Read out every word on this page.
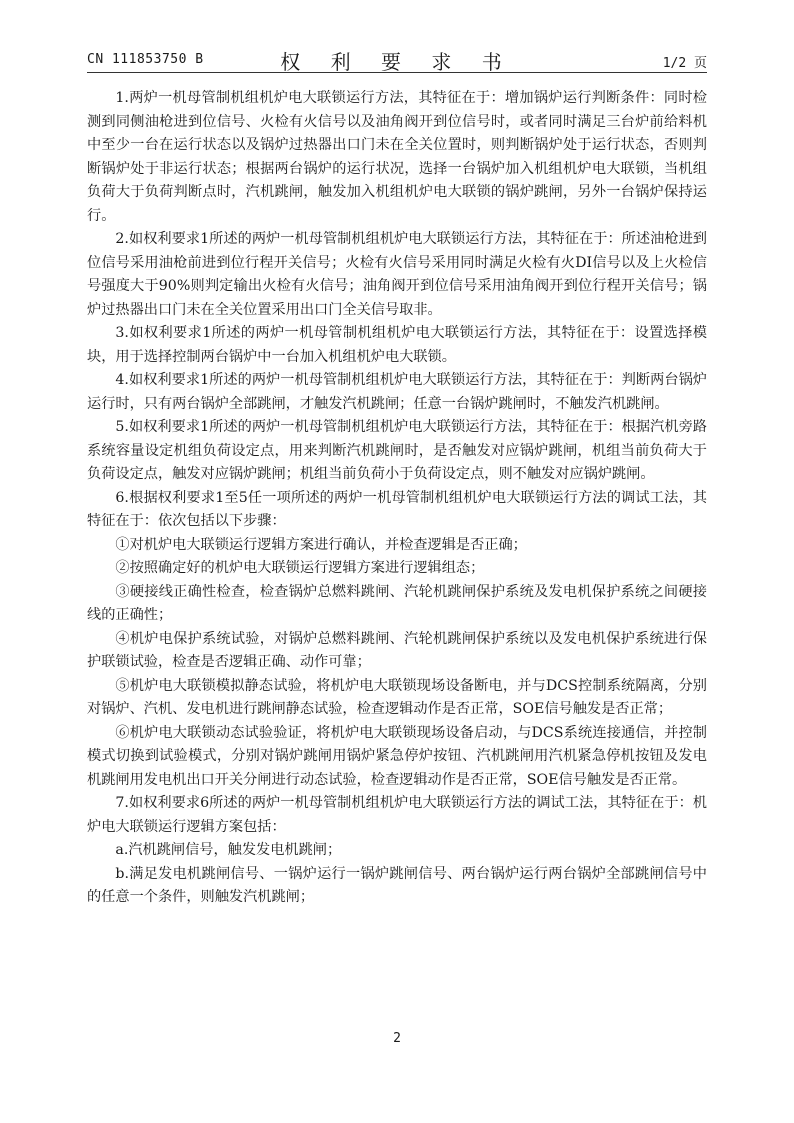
CN 111853750 B	权 利 要 求 书	1/2 页

1.两炉一机母管制机组机炉电大联锁运行方法，其特征在于：增加锅炉运行判断条件：同时检测到同侧油枪进到位信号、火检有火信号以及油角阀开到位信号时，或者同时满足三台炉前给料机中至少一台在运行状态以及锅炉过热器出口门未在全关位置时，则判断锅炉处于运行状态，否则判断锅炉处于非运行状态；根据两台锅炉的运行状况，选择一台锅炉加入机组机炉电大联锁，当机组负荷大于负荷判断点时，汽机跳闸，触发加入机组机炉电大联锁的锅炉跳闸，另外一台锅炉保持运行。

2.如权利要求1所述的两炉一机母管制机组机炉电大联锁运行方法，其特征在于：所述油枪进到位信号采用油枪前进到位行程开关信号；火检有火信号采用同时满足火检有火DI信号以及上火检信号强度大于90%则判定输出火检有火信号；油角阀开到位信号采用油角阀开到位行程开关信号；锅炉过热器出口门未在全关位置采用出口门全关信号取非。

3.如权利要求1所述的两炉一机母管制机组机炉电大联锁运行方法，其特征在于：设置选择模块，用于选择控制两台锅炉中一台加入机组机炉电大联锁。

4.如权利要求1所述的两炉一机母管制机组机炉电大联锁运行方法，其特征在于：判断两台锅炉运行时，只有两台锅炉全部跳闸，才触发汽机跳闸；任意一台锅炉跳闸时，不触发汽机跳闸。

5.如权利要求1所述的两炉一机母管制机组机炉电大联锁运行方法，其特征在于：根据汽机旁路系统容量设定机组负荷设定点，用来判断汽机跳闸时，是否触发对应锅炉跳闸，机组当前负荷大于负荷设定点，触发对应锅炉跳闸；机组当前负荷小于负荷设定点，则不触发对应锅炉跳闸。

6.根据权利要求1至5任一项所述的两炉一机母管制机组机炉电大联锁运行方法的调试工法，其特征在于：依次包括以下步骤：

①对机炉电大联锁运行逻辑方案进行确认，并检查逻辑是否正确；

②按照确定好的机炉电大联锁运行逻辑方案进行逻辑组态；

③硬接线正确性检查，检查锅炉总燃料跳闸、汽轮机跳闸保护系统及发电机保护系统之间硬接线的正确性；

④机炉电保护系统试验，对锅炉总燃料跳闸、汽轮机跳闸保护系统以及发电机保护系统进行保护联锁试验，检查是否逻辑正确、动作可靠；

⑤机炉电大联锁模拟静态试验，将机炉电大联锁现场设备断电，并与DCS控制系统隔离，分别对锅炉、汽机、发电机进行跳闸静态试验，检查逻辑动作是否正常，SOE信号触发是否正常；

⑥机炉电大联锁动态试验验证，将机炉电大联锁现场设备启动，与DCS系统连接通信，并控制模式切换到试验模式，分别对锅炉跳闸用锅炉紧急停炉按钮、汽机跳闸用汽机紧急停机按钮及发电机跳闸用发电机出口开关分闸进行动态试验，检查逻辑动作是否正常，SOE信号触发是否正常。

7.如权利要求6所述的两炉一机母管制机组机炉电大联锁运行方法的调试工法，其特征在于：机炉电大联锁运行逻辑方案包括：

a.汽机跳闸信号，触发发电机跳闸；

b.满足发电机跳闸信号、一锅炉运行一锅炉跳闸信号、两台锅炉运行两台锅炉全部跳闸信号中的任意一个条件，则触发汽机跳闸；

2
